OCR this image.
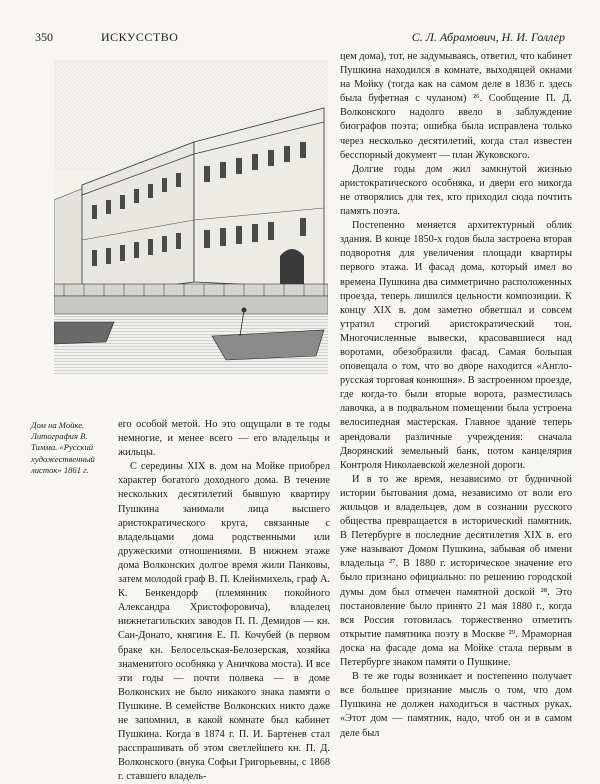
350	ИСКУССТВО	С. Л. Абрамович, Н. И. Голлер
Дом на Мойке. Литография В. Тимма. «Русский художественный листок» 1861 г.

его особой метой. Но это ощущали в те годы немногие, и менее всего — его владельцы и жильцы.

С середины XIX в. дом на Мойке приобрел характер богатого доходного дома. В течение нескольких десятилетий бывшую квартиру Пушкина занимали лица высшего аристократического круга, связанные с владельцами дома родственными или дружескими отношениями. В нижнем этаже дома Волконских долгое время жили Панковы, затем молодой граф В. П. Клейнмихель, граф А. К. Бенкендорф (племянник покойного Александра Христофоровича), владелец нижнетагильских заводов П. П. Демидов — кн. Сан-Донато, княгиня Е. П. Кочубей (в первом браке кн. Белосельская-Белозерская, хозяйка знаменитого особняка у Аничкова моста). И все эти годы — почти полвека — в доме Волконских не было никакого знака памяти о Пушкине. В семействе Волконских никто даже не запомнил, в какой комнате был кабинет Пушкина. Когда в 1874 г. П. И. Бартенев стал расспрашивать об этом светлейшего кн. П. Д. Волконского (внука Софьи Григорьевны, с 1868 г. ставшего владель-

цем дома), тот, не задумываясь, ответил, что кабинет Пушкина находился в комнате, выходящей окнами на Мойку (тогда как на самом деле в 1836 г. здесь была буфетная с чуланом) ²⁶. Сообщение П. Д. Волконского надолго ввело в заблуждение биографов поэта; ошибка была исправлена только через несколько десятилетий, когда стал известен бесспорный документ — план Жуковского.

Долгие годы дом жил замкнутой жизнью аристократического особняка, и двери его никогда не отворялись для тех, кто приходил сюда почтить память поэта.

Постепенно меняется архитектурный облик здания. В конце 1850-х годов была застроена вторая подворотня для увеличения площади квартиры первого этажа. И фасад дома, который имел во времена Пушкина два симметрично расположенных проезда, теперь лишился цельности композиции. К концу XIX в. дом заметно обветшал и совсем утратил строгий аристократический тон. Многочисленные вывески, красовавшиеся над воротами, обезобразили фасад. Самая большая оповещала о том, что во дворе находится «Англо-русская торговая конюшня». В застроенном проезде, где когда-то были вторые ворота, разместилась лавочка, а в подвальном помещении была устроена велосипедная мастерская. Главное здание теперь арендовали различные учреждения: сначала Дворянский земельный банк, потом канцелярия Контроля Николаевской железной дороги.

И в то же время, независимо от будничной истории бытования дома, независимо от воли его жильцов и владельцев, дом в сознании русского общества превращается в исторический памятник. В Петербурге в последние десятилетия XIX в. его уже называют Домом Пушкина, забывая об имени владельца ²⁷. В 1880 г. историческое значение его было признано официально: по решению городской думы дом был отмечен памятной доской ²⁸. Это постановление было принято 21 мая 1880 г., когда вся Россия готовилась торжественно отметить открытие памятника поэту в Москве ²⁹. Мраморная доска на фасаде дома на Мойке стала первым в Петербурге знаком памяти о Пушкине.

В те же годы возникает и постепенно получает все большее признание мысль о том, что дом Пушкина не должен находиться в частных руках. «Этот дом — памятник, надо, чтоб он и в самом деле был
